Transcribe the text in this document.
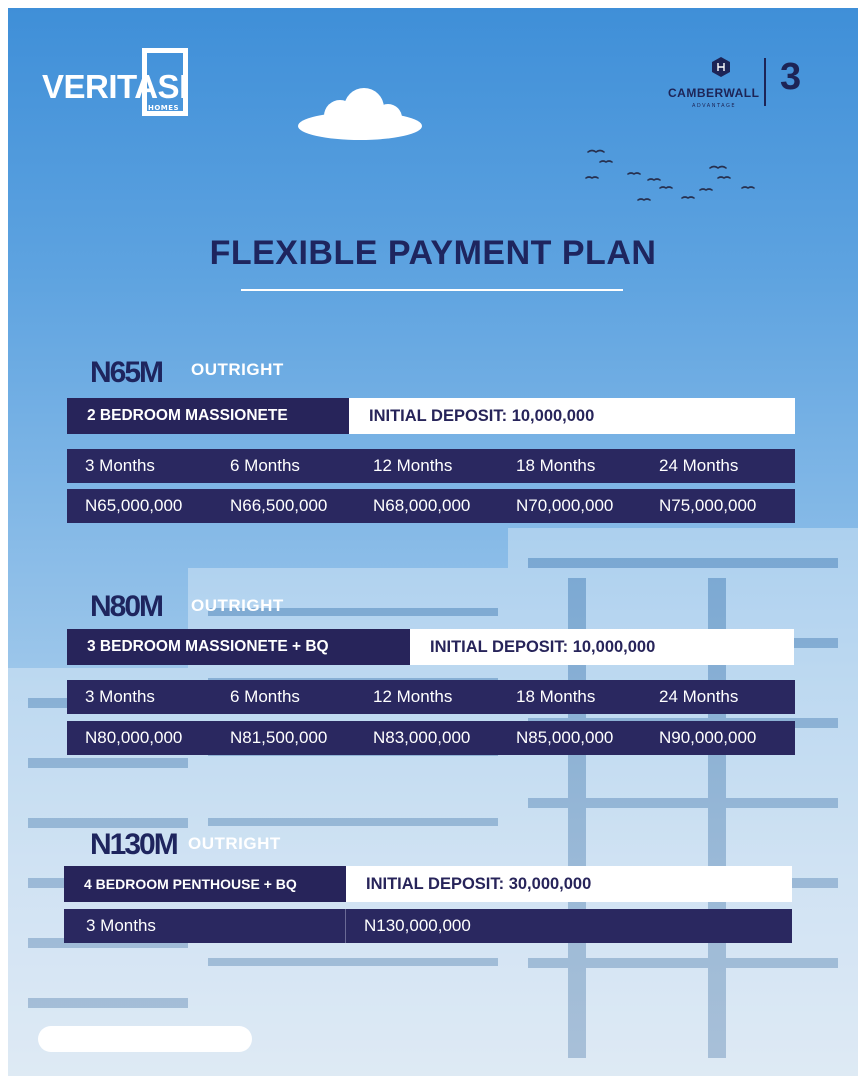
VERITASI
HOMES
CAMBERWALL
ADVANTAGE
3
FLEXIBLE PAYMENT PLAN
N65M OUTRIGHT
2 BEDROOM MASSIONETE	INITIAL DEPOSIT: 10,000,000
3 Months	6 Months	12 Months	18 Months	24 Months
N65,000,000	N66,500,000	N68,000,000	N70,000,000	N75,000,000
N80M OUTRIGHT
3 BEDROOM MASSIONETE + BQ	INITIAL DEPOSIT: 10,000,000
3 Months	6 Months	12 Months	18 Months	24 Months
N80,000,000	N81,500,000	N83,000,000	N85,000,000	N90,000,000
N130M OUTRIGHT
4 BEDROOM PENTHOUSE + BQ	INITIAL DEPOSIT: 30,000,000
3 Months	N130,000,000
